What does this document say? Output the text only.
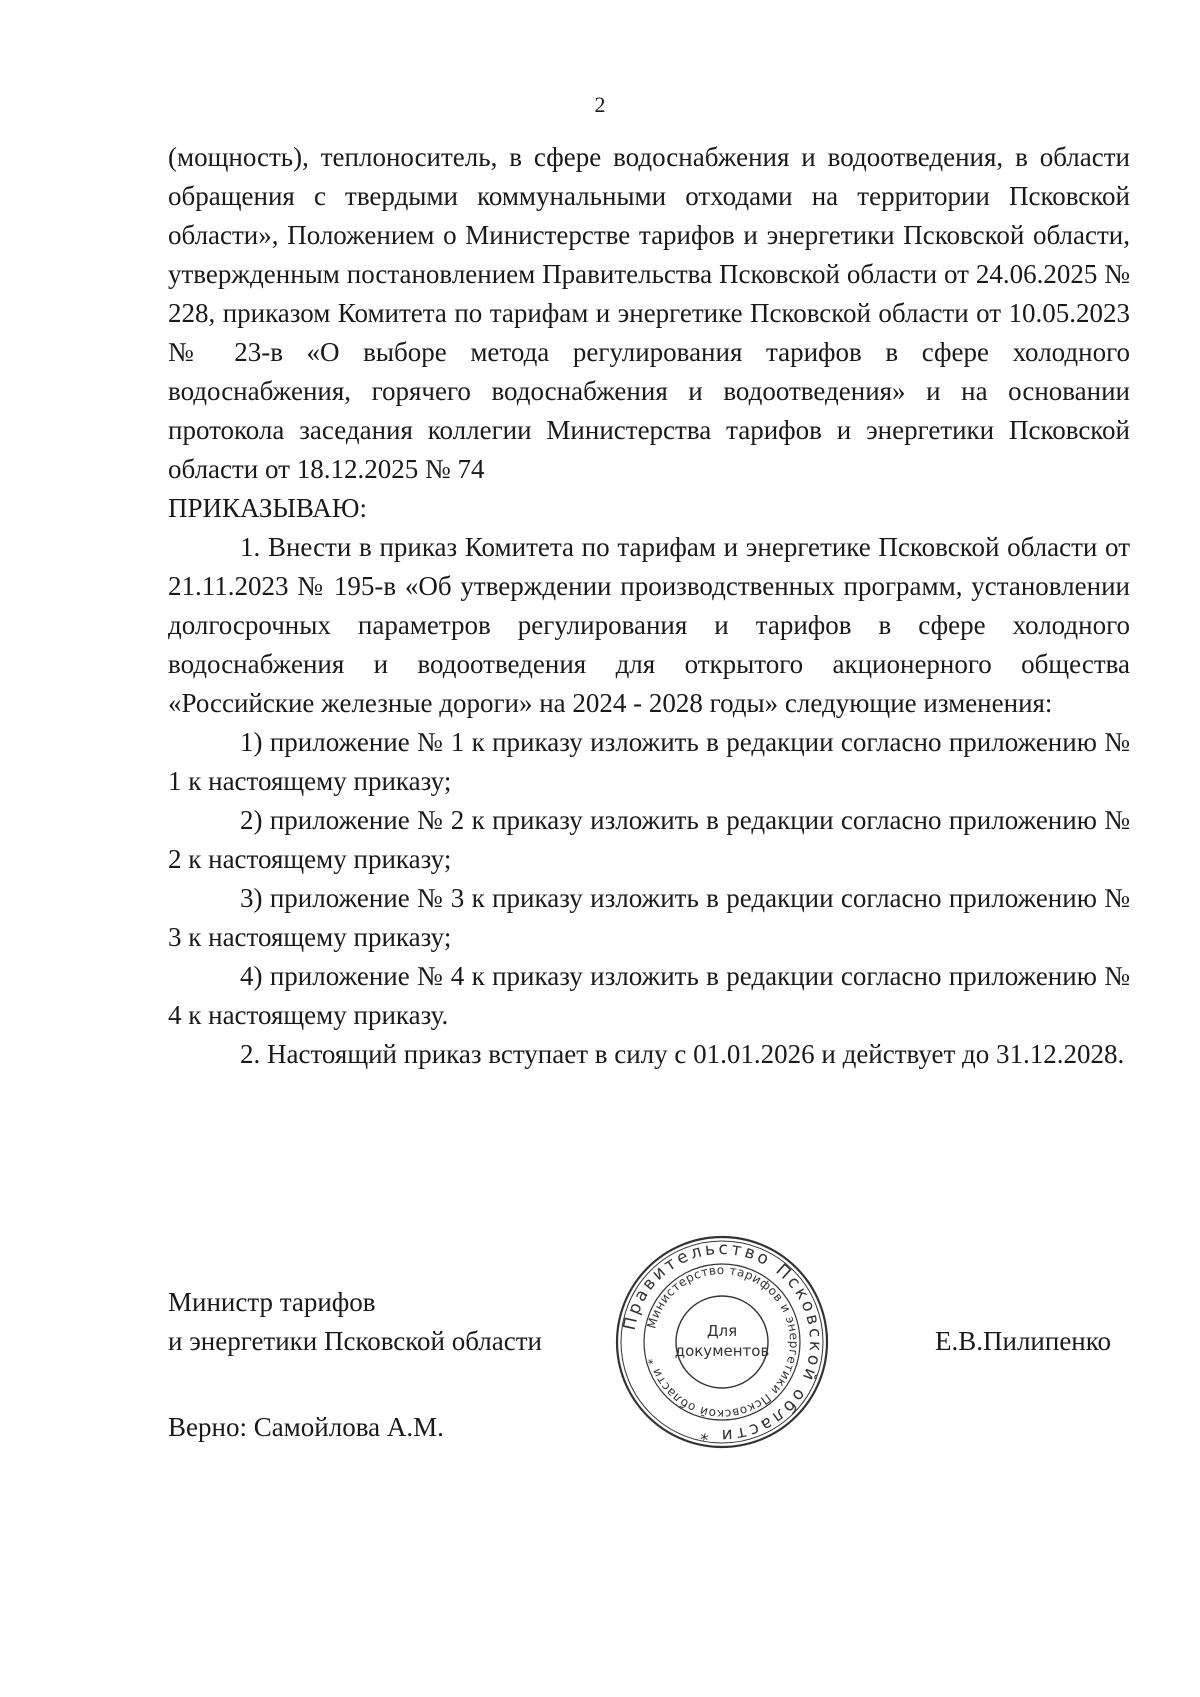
2

(мощность), теплоноситель, в сфере водоснабжения и водоотведения, в области обращения с твердыми коммунальными отходами на территории Псковской области», Положением о Министерстве тарифов и энергетики Псковской области, утвержденным постановлением Правительства Псковской области от 24.06.2025 № 228, приказом Комитета по тарифам и энергетике Псковской области от 10.05.2023 № 23-в «О выборе метода регулирования тарифов в сфере холодного водоснабжения, горячего водоснабжения и водоотведения» и на основании протокола заседания коллегии Министерства тарифов и энергетики Псковской области от 18.12.2025 № 74

ПРИКАЗЫВАЮ:

1. Внести в приказ Комитета по тарифам и энергетике Псковской области от 21.11.2023 № 195-в «Об утверждении производственных программ, установлении долгосрочных параметров регулирования и тарифов в сфере холодного водоснабжения и водоотведения для открытого акционерного общества «Российские железные дороги» на 2024 - 2028 годы» следующие изменения:

1) приложение № 1 к приказу изложить в редакции согласно приложению № 1 к настоящему приказу;

2) приложение № 2 к приказу изложить в редакции согласно приложению № 2 к настоящему приказу;

3) приложение № 3 к приказу изложить в редакции согласно приложению № 3 к настоящему приказу;

4) приложение № 4 к приказу изложить в редакции согласно приложению № 4 к настоящему приказу.

2. Настоящий приказ вступает в силу с 01.01.2026 и действует до 31.12.2028.

Министр тарифов
и энергетики Псковской области	Е.В.Пилипенко
Верно: Самойлова А.М.
Правительство Псковской области *
Министерство тарифов и энергетики Псковской области *
Для
документов
